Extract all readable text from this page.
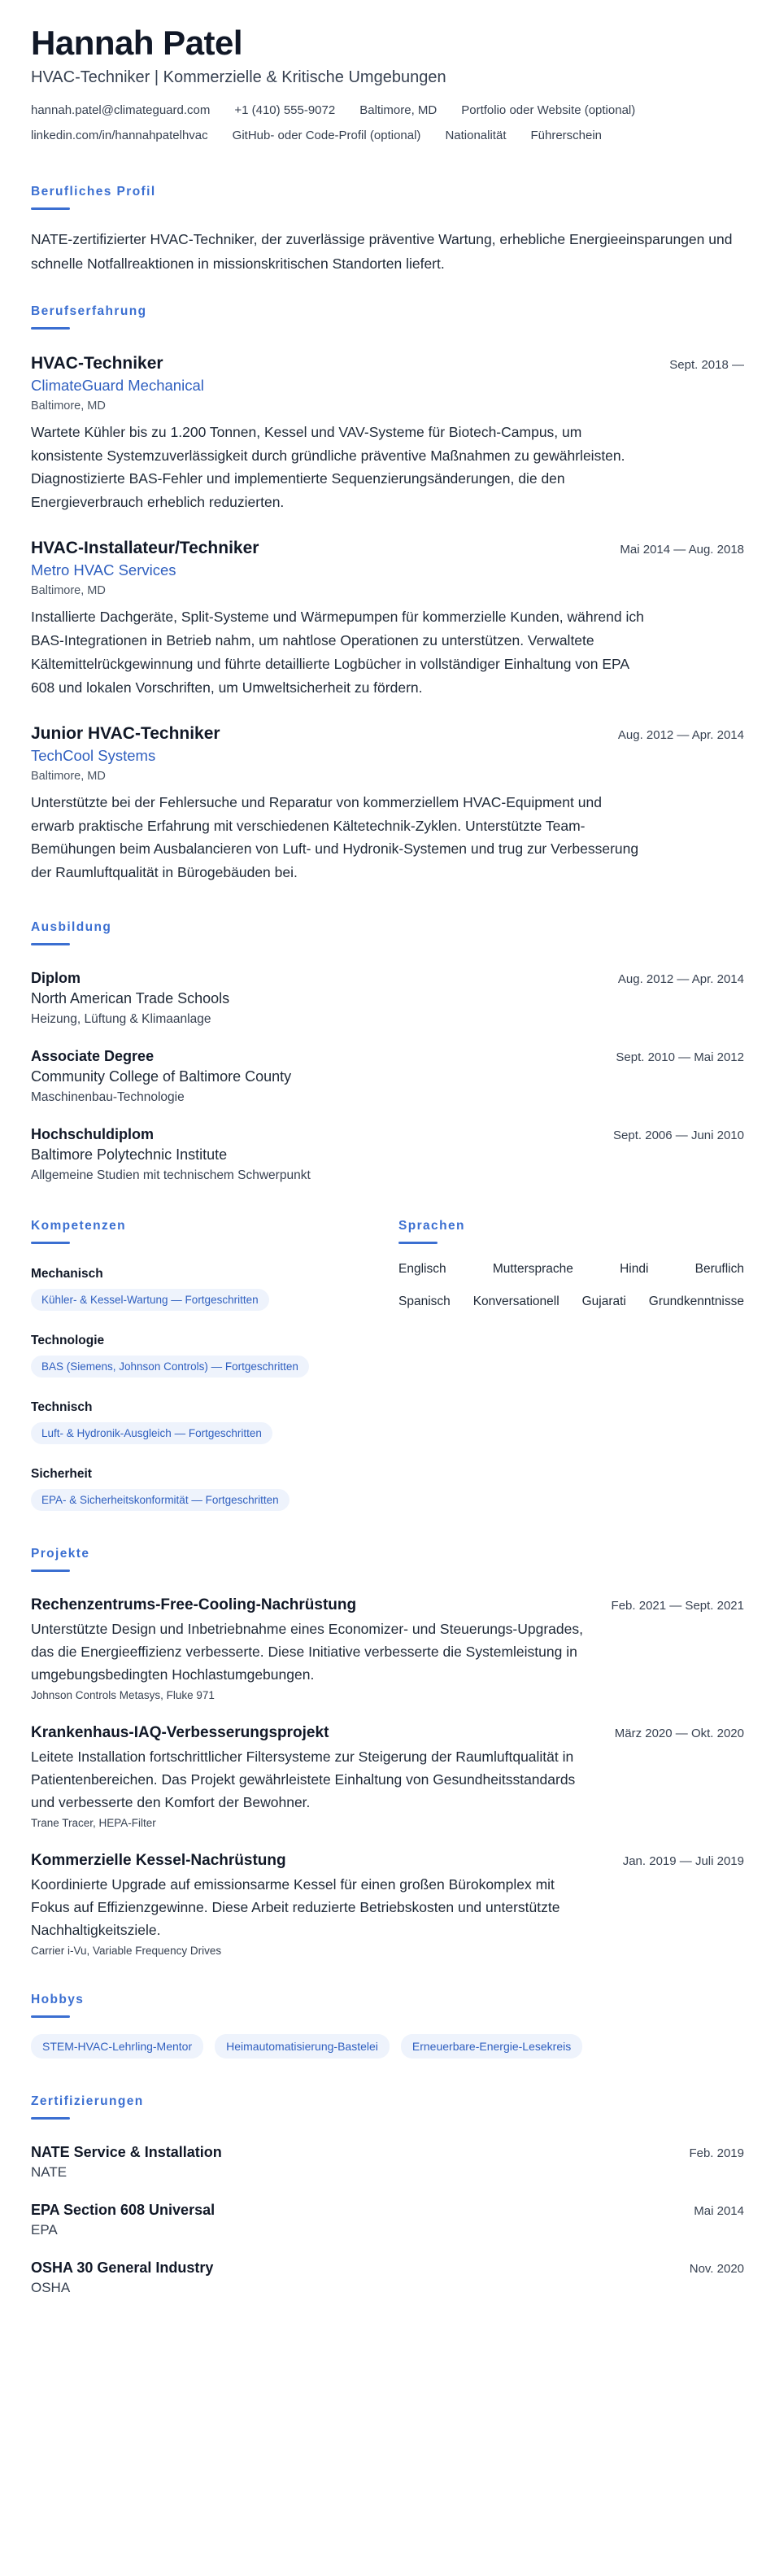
Hannah Patel
HVAC-Techniker | Kommerzielle & Kritische Umgebungen
hannah.patel@climateguard.com +1 (410) 555-9072 Baltimore, MD Portfolio oder Website (optional)
linkedin.com/in/hannahpatelhvac GitHub- oder Code-Profil (optional) Nationalität Führerschein
Berufliches Profil

NATE-zertifizierter HVAC-Techniker, der zuverlässige präventive Wartung, erhebliche Energieeinsparungen und schnelle Notfallreaktionen in missionskritischen Standorten liefert.

Berufserfahrung
HVAC-Techniker	Sept. 2018 —
ClimateGuard Mechanical
Baltimore, MD
Wartete Kühler bis zu 1.200 Tonnen, Kessel und VAV-Systeme für Biotech-Campus, um konsistente Systemzuverlässigkeit durch gründliche präventive Maßnahmen zu gewährleisten. Diagnostizierte BAS-Fehler und implementierte Sequenzierungsänderungen, die den Energieverbrauch erheblich reduzierten.
HVAC-Installateur/Techniker	Mai 2014 — Aug. 2018
Metro HVAC Services
Baltimore, MD
Installierte Dachgeräte, Split-Systeme und Wärmepumpen für kommerzielle Kunden, während ich BAS-Integrationen in Betrieb nahm, um nahtlose Operationen zu unterstützen. Verwaltete Kältemittelrückgewinnung und führte detaillierte Logbücher in vollständiger Einhaltung von EPA 608 und lokalen Vorschriften, um Umweltsicherheit zu fördern.
Junior HVAC-Techniker	Aug. 2012 — Apr. 2014
TechCool Systems
Baltimore, MD
Unterstützte bei der Fehlersuche und Reparatur von kommerziellem HVAC-Equipment und erwarb praktische Erfahrung mit verschiedenen Kältetechnik-Zyklen. Unterstützte Team-Bemühungen beim Ausbalancieren von Luft- und Hydronik-Systemen und trug zur Verbesserung der Raumluftqualität in Bürogebäuden bei.
Ausbildung
Diplom	Aug. 2012 — Apr. 2014
North American Trade Schools
Heizung, Lüftung & Klimaanlage
Associate Degree	Sept. 2010 — Mai 2012
Community College of Baltimore County
Maschinenbau-Technologie
Hochschuldiplom	Sept. 2006 — Juni 2010
Baltimore Polytechnic Institute
Allgemeine Studien mit technischem Schwerpunkt
Kompetenzen
Mechanisch
Kühler- & Kessel-Wartung — Fortgeschritten
Technologie
BAS (Siemens, Johnson Controls) — Fortgeschritten
Technisch
Luft- & Hydronik-Ausgleich — Fortgeschritten
Sicherheit
EPA- & Sicherheitskonformität — Fortgeschritten
Sprachen
Englisch	Muttersprache	Hindi	Beruflich
Spanisch Konversationell Gujarati Grundkenntnisse
Projekte
Rechenzentrums-Free-Cooling-Nachrüstung	Feb. 2021 — Sept. 2021
Unterstützte Design und Inbetriebnahme eines Economizer- und Steuerungs-Upgrades, das die Energieeffizienz verbesserte. Diese Initiative verbesserte die Systemleistung in umgebungsbedingten Hochlastumgebungen.
Johnson Controls Metasys, Fluke 971
Krankenhaus-IAQ-Verbesserungsprojekt	März 2020 — Okt. 2020
Leitete Installation fortschrittlicher Filtersysteme zur Steigerung der Raumluftqualität in Patientenbereichen. Das Projekt gewährleistete Einhaltung von Gesundheitsstandards und verbesserte den Komfort der Bewohner.
Trane Tracer, HEPA-Filter
Kommerzielle Kessel-Nachrüstung	Jan. 2019 — Juli 2019
Koordinierte Upgrade auf emissionsarme Kessel für einen großen Bürokomplex mit Fokus auf Effizienzgewinne. Diese Arbeit reduzierte Betriebskosten und unterstützte Nachhaltigkeitsziele.
Carrier i-Vu, Variable Frequency Drives
Hobbys
STEM-HVAC-Lehrling-Mentor	Heimautomatisierung-Bastelei	Erneuerbare-Energie-Lesekreis
Zertifizierungen
NATE Service & Installation	Feb. 2019
NATE
EPA Section 608 Universal	Mai 2014
EPA
OSHA 30 General Industry	Nov. 2020
OSHA
